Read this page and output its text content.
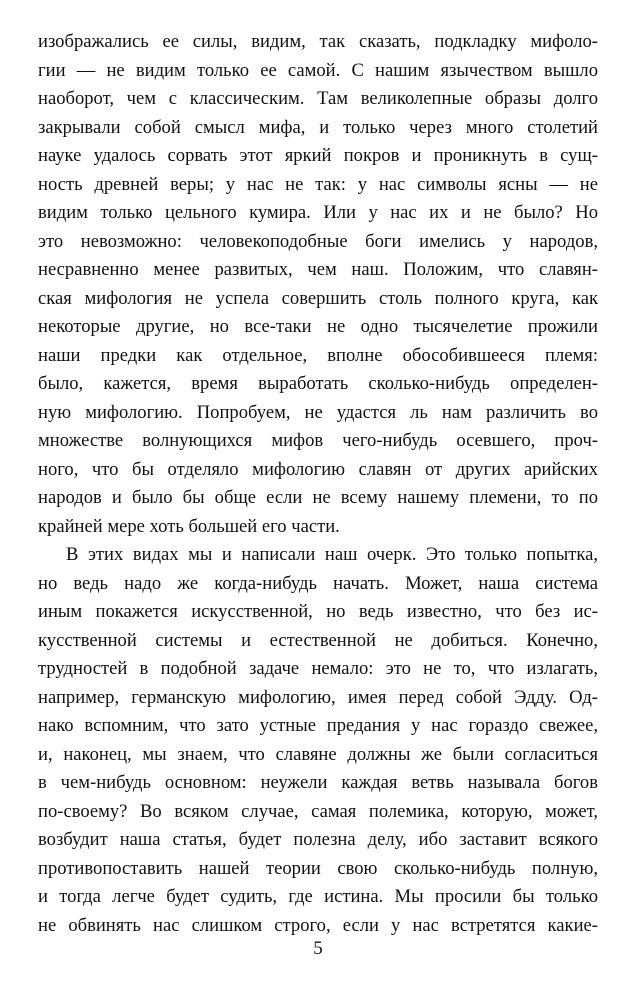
изображались ее силы, видим, так сказать, подкладку мифоло-
гии — не видим только ее самой. С нашим язычеством вышло
наоборот, чем с классическим. Там великолепные образы долго
закрывали собой смысл мифа, и только через много столетий
науке удалось сорвать этот яркий покров и проникнуть в сущ-
ность древней веры; у нас не так: у нас символы ясны — не
видим только цельного кумира. Или у нас их и не было? Но
это невозможно: человекоподобные боги имелись у народов,
несравненно менее развитых, чем наш. Положим, что славян-
ская мифология не успела совершить столь полного круга, как
некоторые другие, но все-таки не одно тысячелетие прожили
наши предки как отдельное, вполне обособившееся племя:
было, кажется, время выработать сколько-нибудь определен-
ную мифологию. Попробуем, не удастся ль нам различить во
множестве волнующихся мифов чего-нибудь осевшего, проч-
ного, что бы отделяло мифологию славян от других арийских
народов и было бы обще если не всему нашему племени, то по
крайней мере хоть большей его части.
В этих видах мы и написали наш очерк. Это только попытка,
но ведь надо же когда-нибудь начать. Может, наша система
иным покажется искусственной, но ведь известно, что без ис-
кусственной системы и естественной не добиться. Конечно,
трудностей в подобной задаче немало: это не то, что излагать,
например, германскую мифологию, имея перед собой Эдду. Од-
нако вспомним, что зато устные предания у нас гораздо свежее,
и, наконец, мы знаем, что славяне должны же были согласиться
в чем-нибудь основном: неужели каждая ветвь называла богов
по-своему? Во всяком случае, самая полемика, которую, может,
возбудит наша статья, будет полезна делу, ибо заставит всякого
противопоставить нашей теории свою сколько-нибудь полную,
и тогда легче будет судить, где истина. Мы просили бы только
не обвинять нас слишком строго, если у нас встретятся какие-
5
